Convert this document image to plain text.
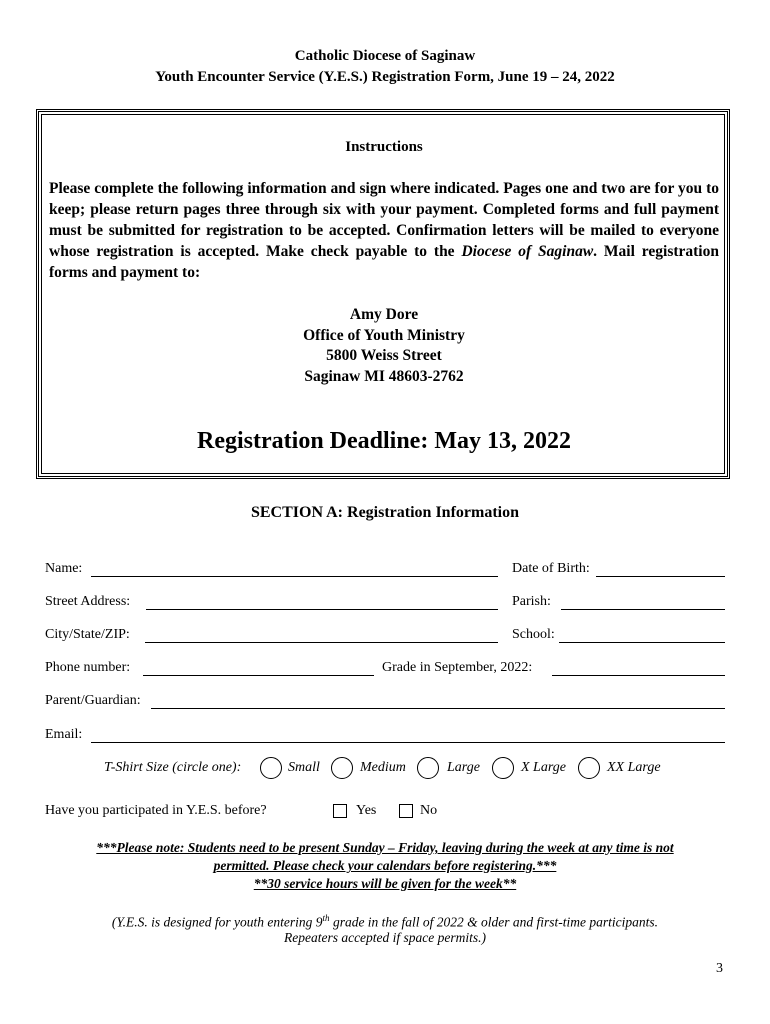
Catholic Diocese of Saginaw
Youth Encounter Service (Y.E.S.) Registration Form, June 19 – 24, 2022
Instructions
Please complete the following information and sign where indicated. Pages one and two are for you to keep; please return pages three through six with your payment. Completed forms and full payment must be submitted for registration to be accepted. Confirmation letters will be mailed to everyone whose registration is accepted. Make check payable to the Diocese of Saginaw. Mail registration forms and payment to:
Amy Dore
Office of Youth Ministry
5800 Weiss Street
Saginaw MI 48603-2762
Registration Deadline: May 13, 2022
SECTION A: Registration Information
Name:	Date of Birth:
Street Address:	Parish:
City/State/ZIP:	School:
Phone number:	Grade in September, 2022:
Parent/Guardian:
Email:
T-Shirt Size (circle one):	Small	Medium	Large	X Large	XX Large
Have you participated in Y.E.S. before?	Yes	No
***Please note: Students need to be present Sunday – Friday, leaving during the week at any time is not
permitted. Please check your calendars before registering.***
**30 service hours will be given for the week**
(Y.E.S. is designed for youth entering 9th grade in the fall of 2022 & older and first-time participants.
Repeaters accepted if space permits.)
3
